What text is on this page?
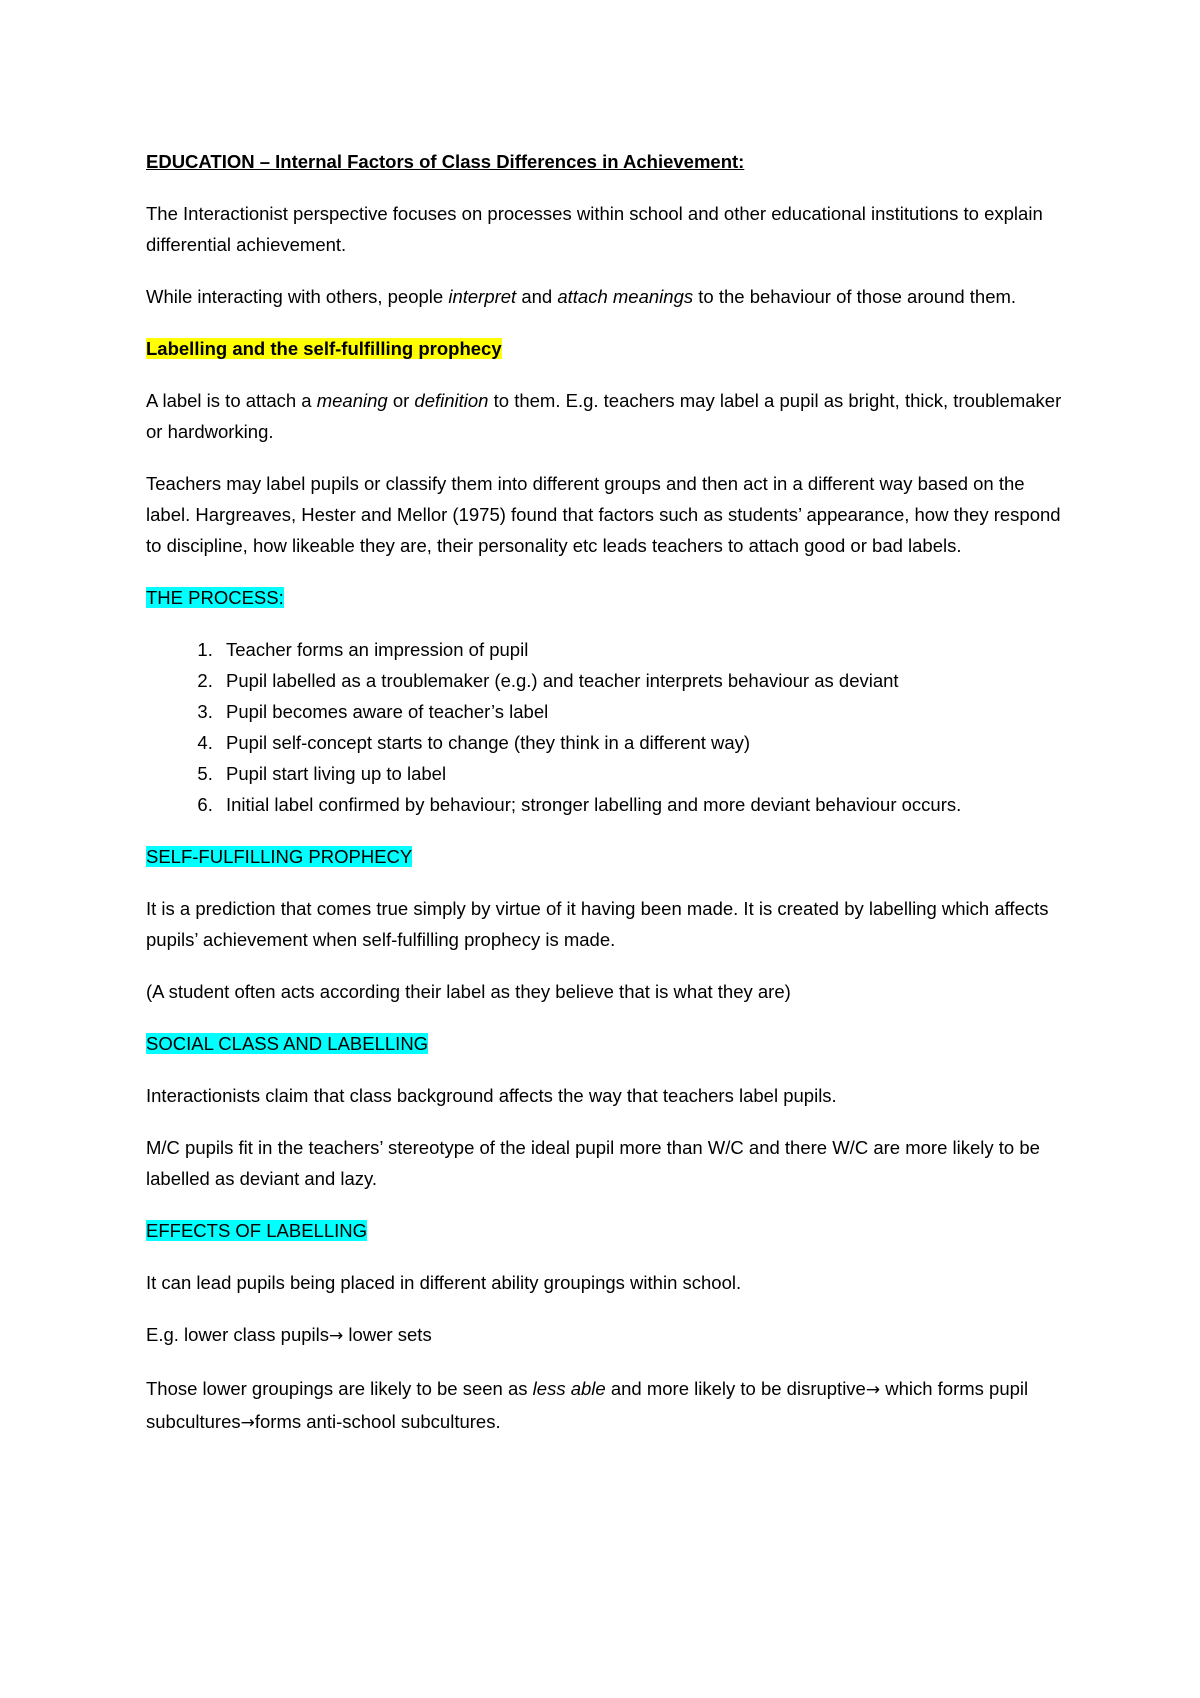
EDUCATION – Internal Factors of Class Differences in Achievement:

The Interactionist perspective focuses on processes within school and other educational institutions to explain differential achievement.

While interacting with others, people interpret and attach meanings to the behaviour of those around them.

Labelling and the self-fulfilling prophecy

A label is to attach a meaning or definition to them. E.g. teachers may label a pupil as bright, thick, troublemaker or hardworking.

Teachers may label pupils or classify them into different groups and then act in a different way based on the label. Hargreaves, Hester and Mellor (1975) found that factors such as students’ appearance, how they respond to discipline, how likeable they are, their personality etc leads teachers to attach good or bad labels.

THE PROCESS:

1. Teacher forms an impression of pupil
2. Pupil labelled as a troublemaker (e.g.) and teacher interprets behaviour as deviant
3. Pupil becomes aware of teacher’s label
4. Pupil self-concept starts to change (they think in a different way)
5. Pupil start living up to label
6. Initial label confirmed by behaviour; stronger labelling and more deviant behaviour occurs.

SELF-FULFILLING PROPHECY

It is a prediction that comes true simply by virtue of it having been made. It is created by labelling which affects pupils’ achievement when self-fulfilling prophecy is made.

(A student often acts according their label as they believe that is what they are)

SOCIAL CLASS AND LABELLING

Interactionists claim that class background affects the way that teachers label pupils.

M/C pupils fit in the teachers’ stereotype of the ideal pupil more than W/C and there W/C are more likely to be labelled as deviant and lazy.

EFFECTS OF LABELLING

It can lead pupils being placed in different ability groupings within school.

E.g. lower class pupils→ lower sets

Those lower groupings are likely to be seen as less able and more likely to be disruptive→ which forms pupil subcultures→forms anti-school subcultures.
